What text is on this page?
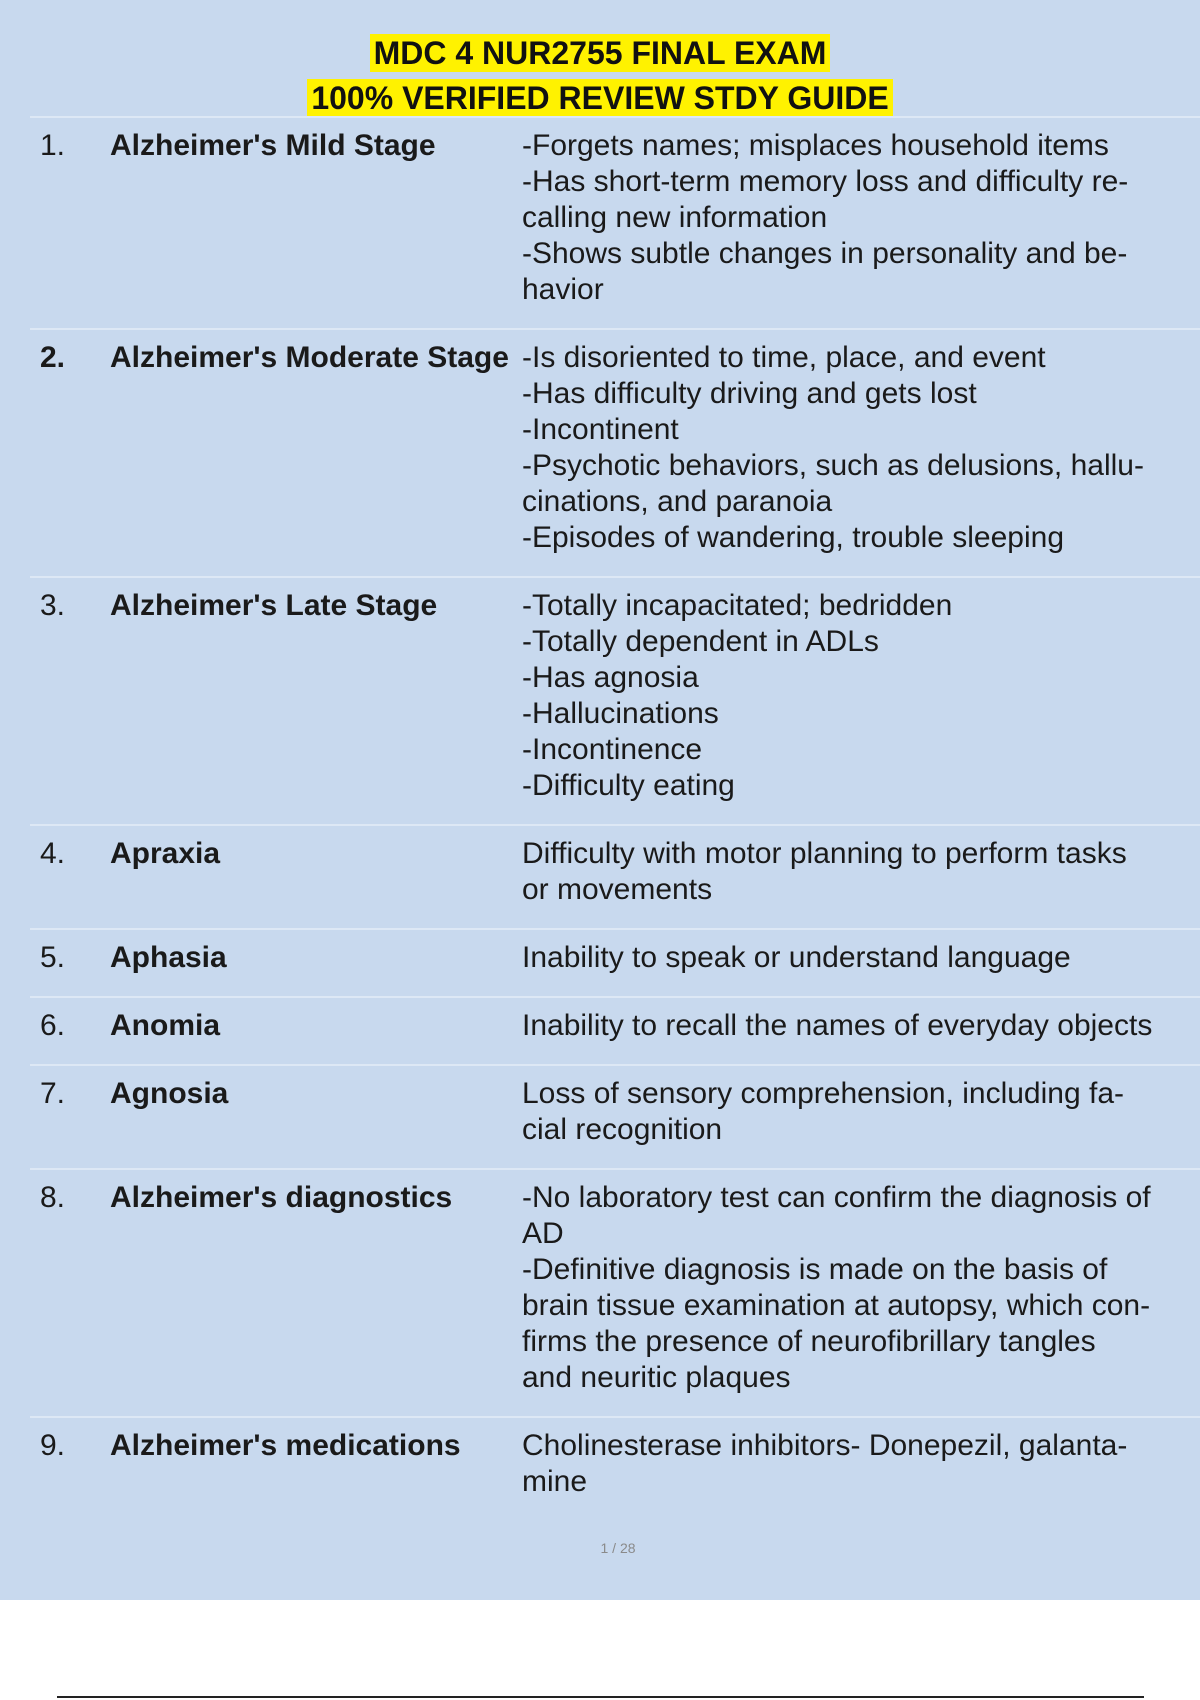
MDC 4 NUR2755 FINAL EXAM
100% VERIFIED REVIEW STDY GUIDE
1.	Alzheimer's Mild Stage	-Forgets names; misplaces household items
-Has short-term memory loss and difficulty re-
calling new information
-Shows subtle changes in personality and be-
havior
2.	Alzheimer's Moderate Stage -Is disoriented to time, place, and event
-Has difficulty driving and gets lost
-Incontinent
-Psychotic behaviors, such as delusions, hallu-
cinations, and paranoia
-Episodes of wandering, trouble sleeping
3.	Alzheimer's Late Stage	-Totally incapacitated; bedridden
-Totally dependent in ADLs
-Has agnosia
-Hallucinations
-Incontinence
-Difficulty eating
4.	Apraxia	Difficulty with motor planning to perform tasks
or movements
5.	Aphasia	Inability to speak or understand language
6.	Anomia	Inability to recall the names of everyday objects
7.	Agnosia	Loss of sensory comprehension, including fa-
cial recognition
8.	Alzheimer's diagnostics	-No laboratory test can confirm the diagnosis of
AD
-Definitive diagnosis is made on the basis of
brain tissue examination at autopsy, which con-
firms the presence of neurofibrillary tangles
and neuritic plaques
9.	Alzheimer's medications	Cholinesterase inhibitors- Donepezil, galanta-
mine
1 / 28
